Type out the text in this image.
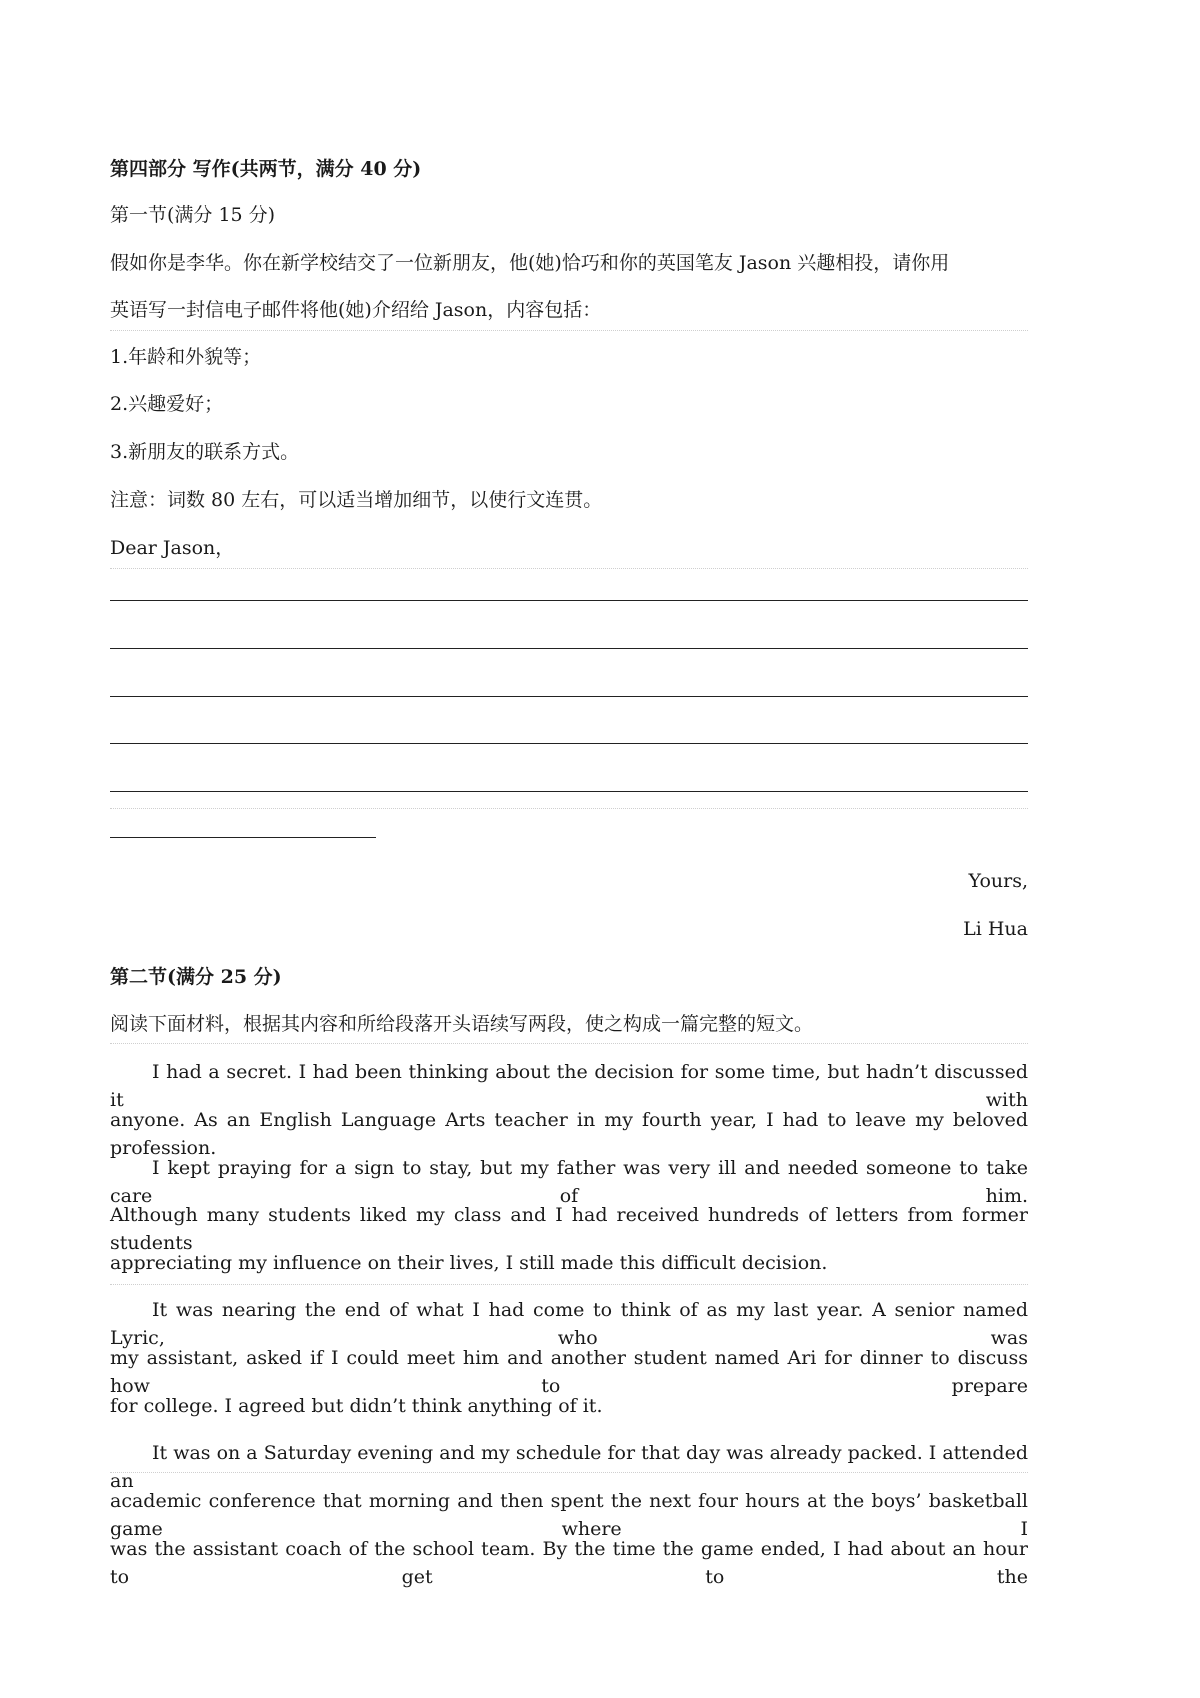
第四部分 写作(共两节，满分 40 分)
第一节(满分 15 分)
假如你是李华。你在新学校结交了一位新朋友，他(她)恰巧和你的英国笔友 Jason 兴趣相投，请你用
英语写一封信电子邮件将他(她)介绍给 Jason，内容包括：
1.年龄和外貌等；
2.兴趣爱好；
3.新朋友的联系方式。
注意：词数 80 左右，可以适当增加细节，以使行文连贯。
Dear Jason，
Yours,
Li Hua
第二节(满分 25 分)
阅读下面材料，根据其内容和所给段落开头语续写两段，使之构成一篇完整的短文。
I had a secret. I had been thinking about the decision for some time, but hadn’t discussed it with
anyone. As an English Language Arts teacher in my fourth year, I had to leave my beloved profession.
I kept praying for a sign to stay, but my father was very ill and needed someone to take care of him.
Although many students liked my class and I had received hundreds of letters from former students
appreciating my influence on their lives, I still made this difficult decision.
It was nearing the end of what I had come to think of as my last year. A senior named Lyric, who was
my assistant, asked if I could meet him and another student named Ari for dinner to discuss how to prepare
for college. I agreed but didn’t think anything of it.
It was on a Saturday evening and my schedule for that day was already packed. I attended an
academic conference that morning and then spent the next four hours at the boys’ basketball game where I
was the assistant coach of the school team. By the time the game ended, I had about an hour to get to the
